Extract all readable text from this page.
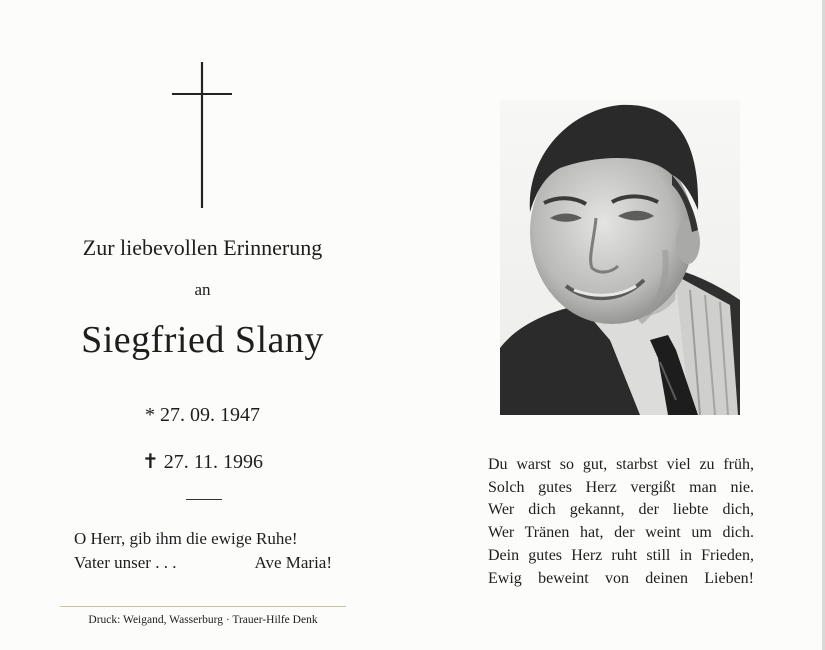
Zur liebevollen Erinnerung
an
Siegfried Slany
* 27. 09. 1947
✝ 27. 11. 1996
O Herr, gib ihm die ewige Ruhe!
Vater unser . . .	Ave Maria!
Druck: Weigand, Wasserburg · Trauer-Hilfe Denk
Du warst so gut, starbst viel zu früh,
Solch gutes Herz vergißt man nie.
Wer dich gekannt, der liebte dich,
Wer Tränen hat, der weint um dich.
Dein gutes Herz ruht still in Frieden,
Ewig beweint von deinen Lieben!
